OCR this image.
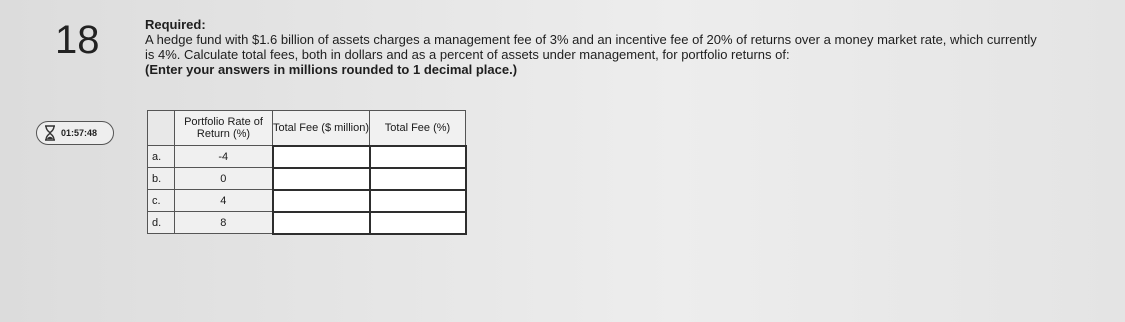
18
01:57:48
Required:
A hedge fund with $1.6 billion of assets charges a management fee of 3% and an incentive fee of 20% of returns over a money market rate, which currently is 4%. Calculate total fees, both in dollars and as a percent of assets under management, for portfolio returns of:
(Enter your answers in millions rounded to 1 decimal place.)
	Portfolio Rate of Return (%)	Total Fee ($ million)	Total Fee (%)
a.	-4		
b.	0		
c.	4		
d.	8		
